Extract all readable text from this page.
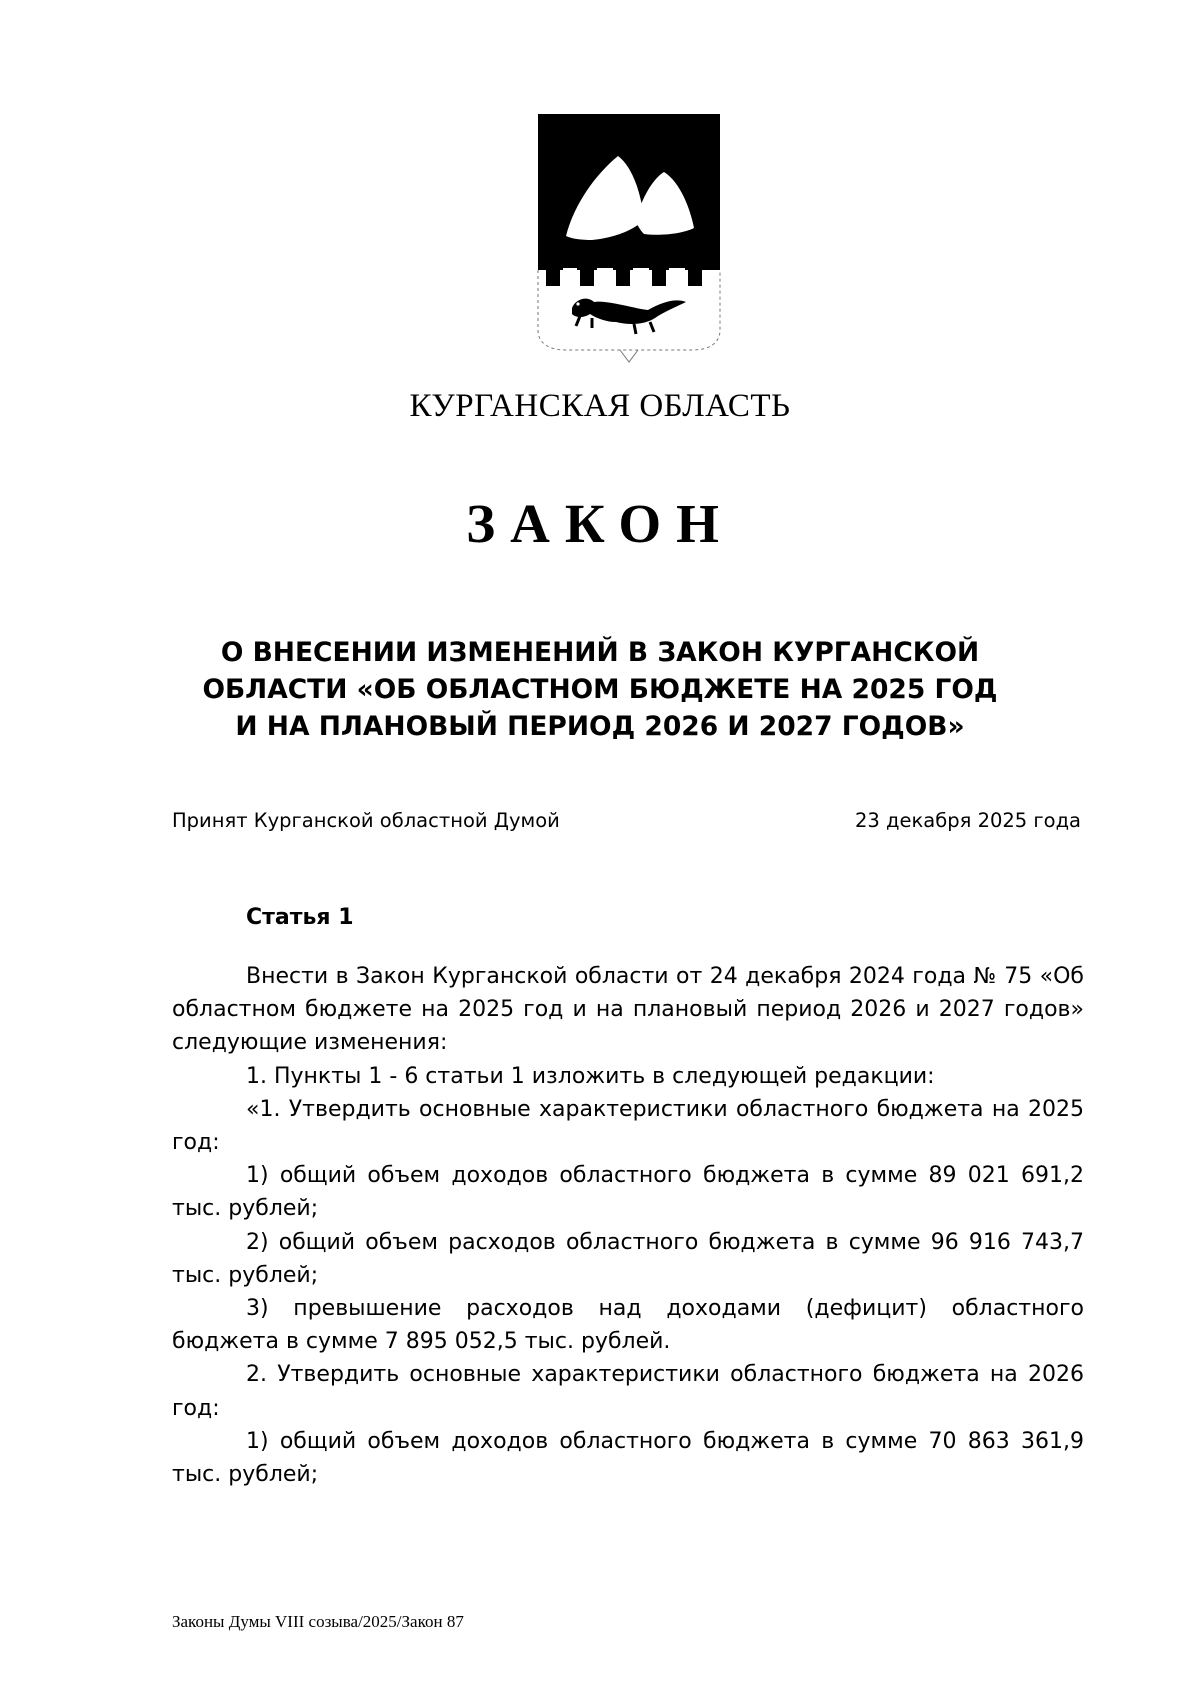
КУРГАНСКАЯ ОБЛАСТЬ
ЗАКОН
О ВНЕСЕНИИ ИЗМЕНЕНИЙ В ЗАКОН КУРГАНСКОЙ
ОБЛАСТИ «ОБ ОБЛАСТНОМ БЮДЖЕТЕ НА 2025 ГОД
И НА ПЛАНОВЫЙ ПЕРИОД 2026 И 2027 ГОДОВ»
Принят Курганской областной Думой	23 декабря 2025 года
Статья 1

Внести в Закон Курганской области от 24 декабря 2024 года № 75 «Об областном бюджете на 2025 год и на плановый период 2026 и 2027 годов» следующие изменения:

1. Пункты 1 - 6 статьи 1 изложить в следующей редакции:

«1. Утвердить основные характеристики областного бюджета на 2025 год:

1) общий объем доходов областного бюджета в сумме 89 021 691,2 тыс. рублей;

2) общий объем расходов областного бюджета в сумме 96 916 743,7 тыс. рублей;

3) превышение расходов над доходами (дефицит) областного бюджета в сумме 7 895 052,5 тыс. рублей.

2. Утвердить основные характеристики областного бюджета на 2026 год:

1) общий объем доходов областного бюджета в сумме 70 863 361,9 тыс. рублей;

Законы Думы VIII созыва/2025/Закон 87
